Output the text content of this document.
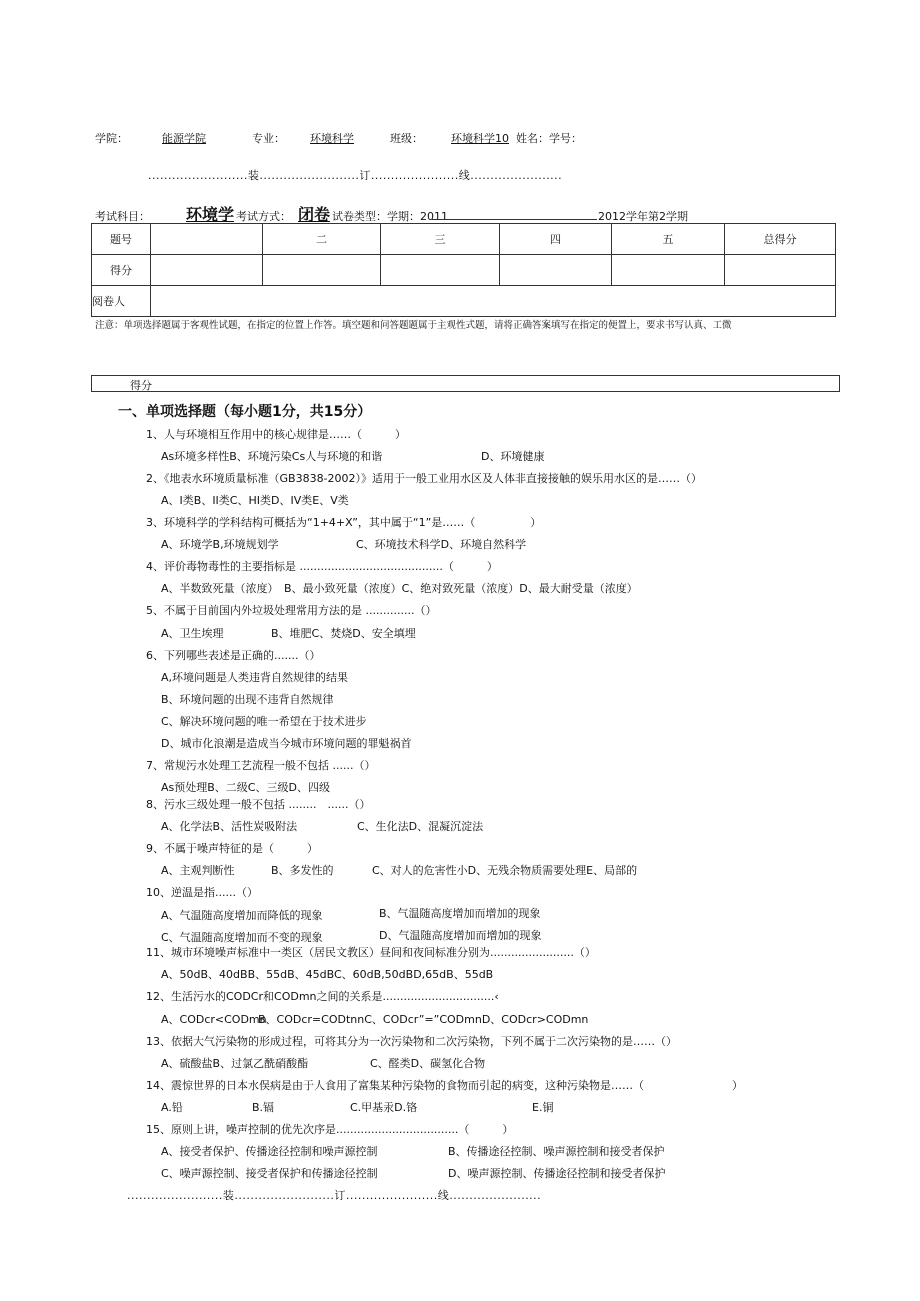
学院：	能源学院	专业： 环境科学	班级：	环境科学10 姓名：学号：
.........................装.........................订......................线.......................
考试科目： 环境学 考试方式： 闭卷 试卷类型：学期：2011	2012学年第2学期
题号		二	三	四	五	总得分
得分						
阅卷人						
注意：单项选择题属于客观性试题，在指定的位置上作答。填空题和问答题题属于主观性式题，请将正确答案填写在指定的便置上，要求书写认真、工微
得分
一、单项选择题（每小题1分，共15分）
1、人与环境相互作用中的核心规律是……（　　　）
As环境多样性B、环境污染Cs人与环境的和谐	D、环境健康
2、《地表水环境质量标准（GB3838-2002）》适用于一般工业用水区及人体非直接接触的娱乐用水区的是……（）
A、I类B、II类C、HI类D、IV类E、V类
3、环境科学的学科结构可概括为“1+4+X”，其中属于“1”是……（　　　　　）
A、环境学B,环境规划学	C、环境技术科学D、环境自然科学
4、评价毒物毒性的主要指标是 .........................................（　　　）
A、半数致死量（浓度）　B、最小致死量（浓度）C、绝对致死量（浓度）D、最大耐受量（浓度）
5、不属于目前国内外垃圾处理常用方法的是 ..............（）
A、卫生埃理	B、堆肥C、焚烧D、安全填埋
6、下列哪些表述是正确的.......（）
A,环境问题是人类违背自然规律的结果
B、环境问题的出现不违背自然规律
C、解决环境问题的唯一希望在于技术进步
D、城市化浪潮是造成当今城市环境问题的罪魁祸首
7、常规污水处理工艺流程一般不包括 ......（）
As预处理B、二级C、三级D、四级
8、污水三级处理一般不包括 ........　......（）
A、化学法B、活性炭吸附法	C、生化法D、混凝沉淀法
9、不属于噪声特征的是（　　　）
A、主观判断性	B、多发性的	C、对人的危害性小D、无残余物质需要处理E、局部的
10、逆温是指......（）
A、气温随高度增加而降低的现象	B、气温随高度增加而增加的现象
C、气温随高度增加而不变的现象	D、气温随高度增加而增加的现象
11、城市环境噪声标准中一类区（居民文教区）昼间和夜间标准分别为........................（）
A、50dB、40dBB、55dB、45dBC、60dB,50dBD,65dB、55dB
12、生活污水的CODCr和CODmn之间的关系是................................‹
A、CODcr<CODmn
B、CODcr=CODtnnC、CODcr”=”CODmnD、CODcr>CODmn
13、依据大气污染物的形成过程，可将其分为一次污染物和二次污染物，下列不属于二次污染物的是……（）
A、硫酸盐B、过氯乙酰硝酸酯	C、醛类D、碳氢化合物
14、震惊世界的日本水俣病是由于人食用了富集某种污染物的食物而引起的病变，这种污染物是……（　　　　　　　　）
A.铅	B.镉	C.甲基汞D.铬	E.铜
15、原则上讲，噪声控制的优先次序是...................................（　　　）
A、接受者保护、传播途径控制和噪声源控制	B、传播途径控制、噪声源控制和接受者保护
C、噪声源控制、接受者保护和传播途径控制	D、噪声源控制、传播途径控制和接受者保护
........................装.........................订.......................线.......................
